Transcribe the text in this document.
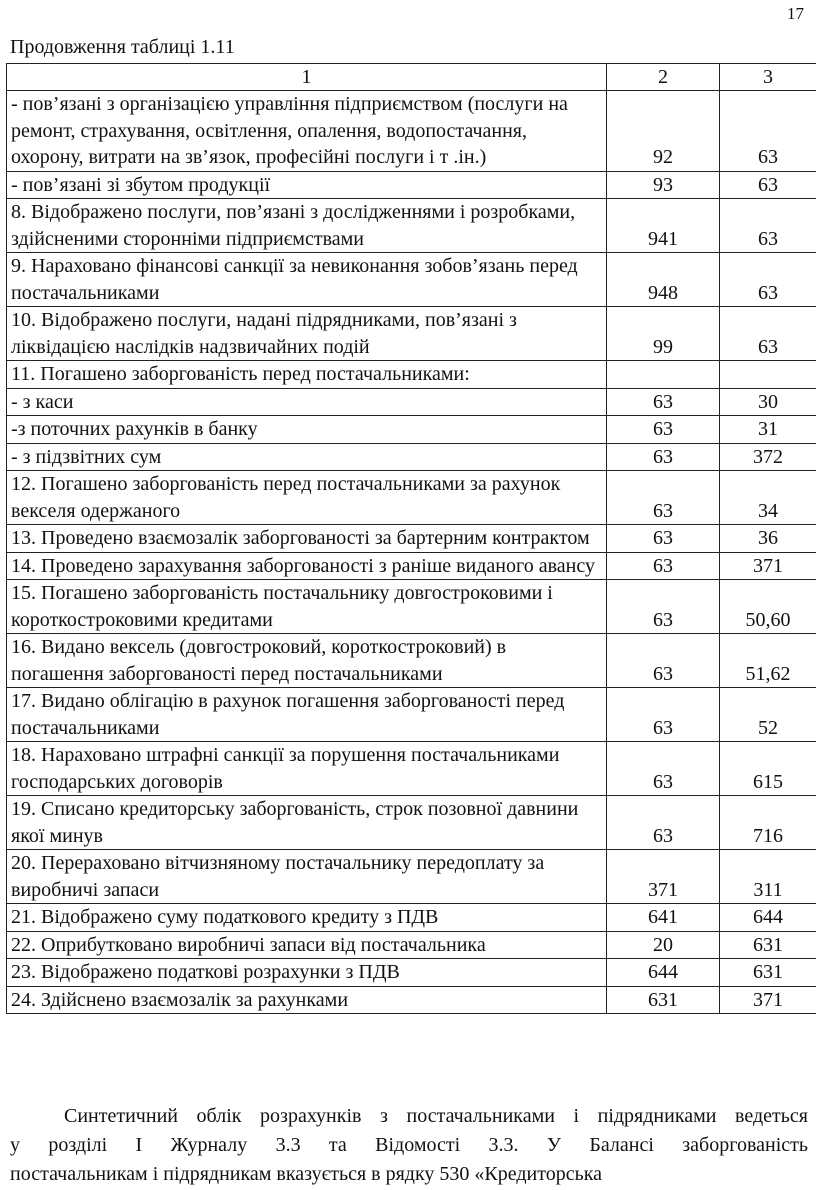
17
Продовження таблиці 1.11
1	2	3
- пов’язані з організацією управління підприємством (послуги на ремонт, страхування, освітлення, опалення, водопостачання, охорону, витрати на зв’язок, професійні послуги і т .ін.)	92	63
- пов’язані зі збутом продукції	93	63
8. Відображено послуги, пов’язані з дослідженнями і розробками, здійсненими сторонніми підприємствами	941	63
9. Нараховано фінансові санкції за невиконання зобов’язань перед постачальниками	948	63
10. Відображено послуги, надані підрядниками, пов’язані з ліквідацією наслідків надзвичайних подій	99	63
11. Погашено заборгованість перед постачальниками:		
- з каси	63	30
-з поточних рахунків в банку	63	31
- з підзвітних сум	63	372
12. Погашено заборгованість перед постачальниками за рахунок векселя одержаного	63	34
13. Проведено взаємозалік заборгованості за бартерним контрактом	63	36
14. Проведено зарахування заборгованості з раніше виданого авансу	63	371
15. Погашено заборгованість постачальнику довгостроковими і короткостроковими кредитами	63	50,60
16. Видано вексель (довгостроковий, короткостроковий) в погашення заборгованості перед постачальниками	63	51,62
17. Видано облігацію в рахунок погашення заборгованості перед постачальниками	63	52
18. Нараховано штрафні санкції за порушення постачальниками господарських договорів	63	615
19. Списано кредиторську заборгованість, строк позовної давнини якої минув	63	716
20. Перераховано вітчизняному постачальнику передоплату за виробничі запаси	371	311
21. Відображено суму податкового кредиту з ПДВ	641	644
22. Оприбутковано виробничі запаси від постачальника	20	631
23. Відображено податкові розрахунки з ПДВ	644	631
24. Здійснено взаємозалік за рахунками	631	371
Синтетичний облік розрахунків з постачальниками і підрядниками ведеться
у розділі І Журналу 3.3 та Відомості 3.3. У Балансі заборгованість
постачальникам і підрядникам вказується в рядку 530 «Кредиторська
